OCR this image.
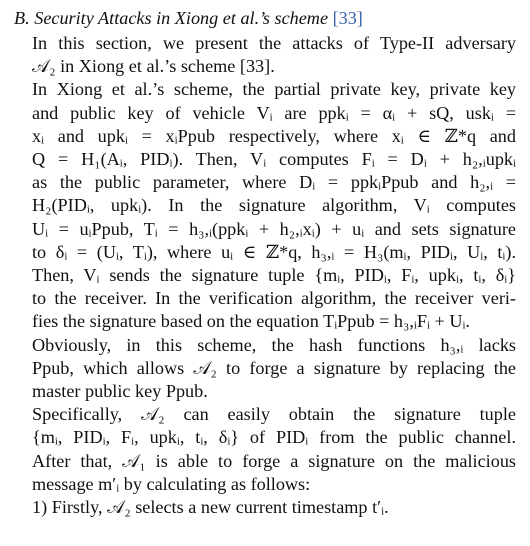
B. Security Attacks in Xiong et al.’s scheme [33]
In this section, we present the attacks of Type-II adversary
𝒜₂ in Xiong et al.’s scheme [33].
In Xiong et al.’s scheme, the partial private key, private key
and public key of vehicle Vᵢ are ppkᵢ = αᵢ + sQ, uskᵢ =
xᵢ and upkᵢ = xᵢPpub respectively, where xᵢ ∈ ℤ*q and
Q = H₁(Aᵢ, PIDᵢ). Then, Vᵢ computes Fᵢ = Dᵢ + h₂,ᵢupkᵢ
as the public parameter, where Dᵢ = ppkᵢPpub and h₂,ᵢ =
H₂(PIDᵢ, upkᵢ). In the signature algorithm, Vᵢ computes
Uᵢ = uᵢPpub, Tᵢ = h₃,ᵢ(ppkᵢ + h₂,ᵢxᵢ) + uᵢ and sets signature
to δᵢ = (Uᵢ, Tᵢ), where uᵢ ∈ ℤ*q, h₃,ᵢ = H₃(mᵢ, PIDᵢ, Uᵢ, tᵢ).
Then, Vᵢ sends the signature tuple {mᵢ, PIDᵢ, Fᵢ, upkᵢ, tᵢ, δᵢ}
to the receiver. In the verification algorithm, the receiver veri-
fies the signature based on the equation TᵢPpub = h₃,ᵢFᵢ + Uᵢ.
Obviously, in this scheme, the hash functions h₃,ᵢ lacks
Ppub, which allows 𝒜₂ to forge a signature by replacing the
master public key Ppub.
Specifically, 𝒜₂ can easily obtain the signature tuple
{mᵢ, PIDᵢ, Fᵢ, upkᵢ, tᵢ, δᵢ} of PIDᵢ from the public channel.
After that, 𝒜₁ is able to forge a signature on the malicious
message m′ᵢ by calculating as follows:
1) Firstly, 𝒜₂ selects a new current timestamp t′ᵢ.
